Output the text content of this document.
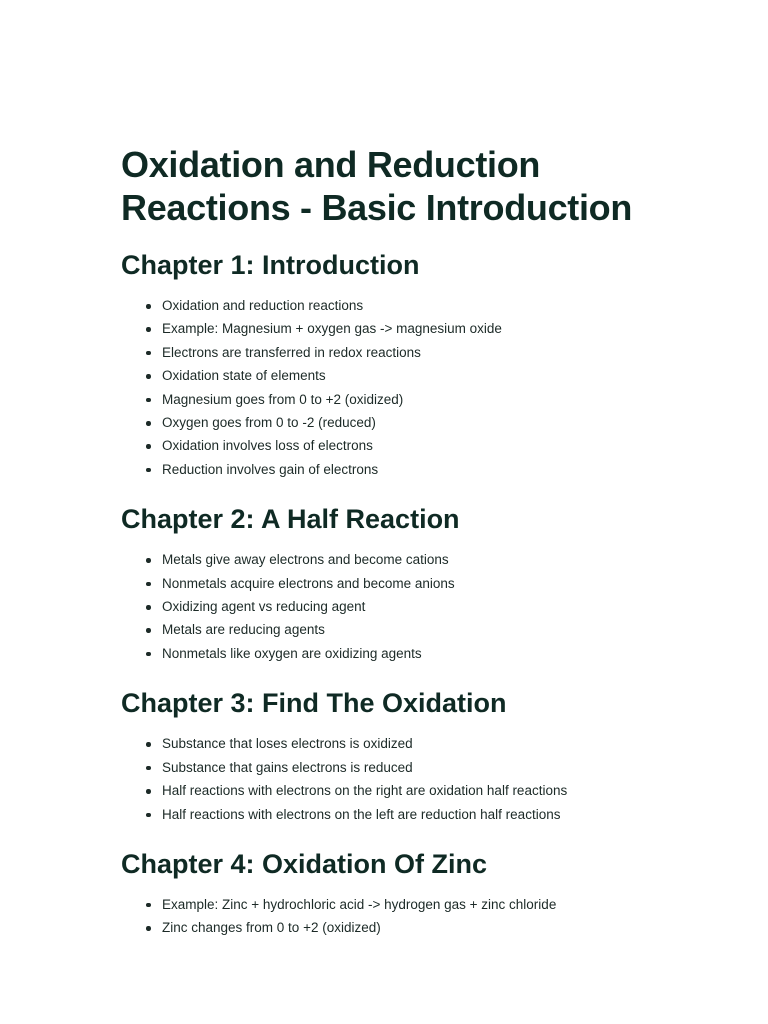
Oxidation and Reduction Reactions - Basic Introduction
Chapter 1: Introduction
Oxidation and reduction reactions
Example: Magnesium + oxygen gas -> magnesium oxide
Electrons are transferred in redox reactions
Oxidation state of elements
Magnesium goes from 0 to +2 (oxidized)
Oxygen goes from 0 to -2 (reduced)
Oxidation involves loss of electrons
Reduction involves gain of electrons
Chapter 2: A Half Reaction
Metals give away electrons and become cations
Nonmetals acquire electrons and become anions
Oxidizing agent vs reducing agent
Metals are reducing agents
Nonmetals like oxygen are oxidizing agents
Chapter 3: Find The Oxidation
Substance that loses electrons is oxidized
Substance that gains electrons is reduced
Half reactions with electrons on the right are oxidation half reactions
Half reactions with electrons on the left are reduction half reactions
Chapter 4: Oxidation Of Zinc
Example: Zinc + hydrochloric acid -> hydrogen gas + zinc chloride
Zinc changes from 0 to +2 (oxidized)
